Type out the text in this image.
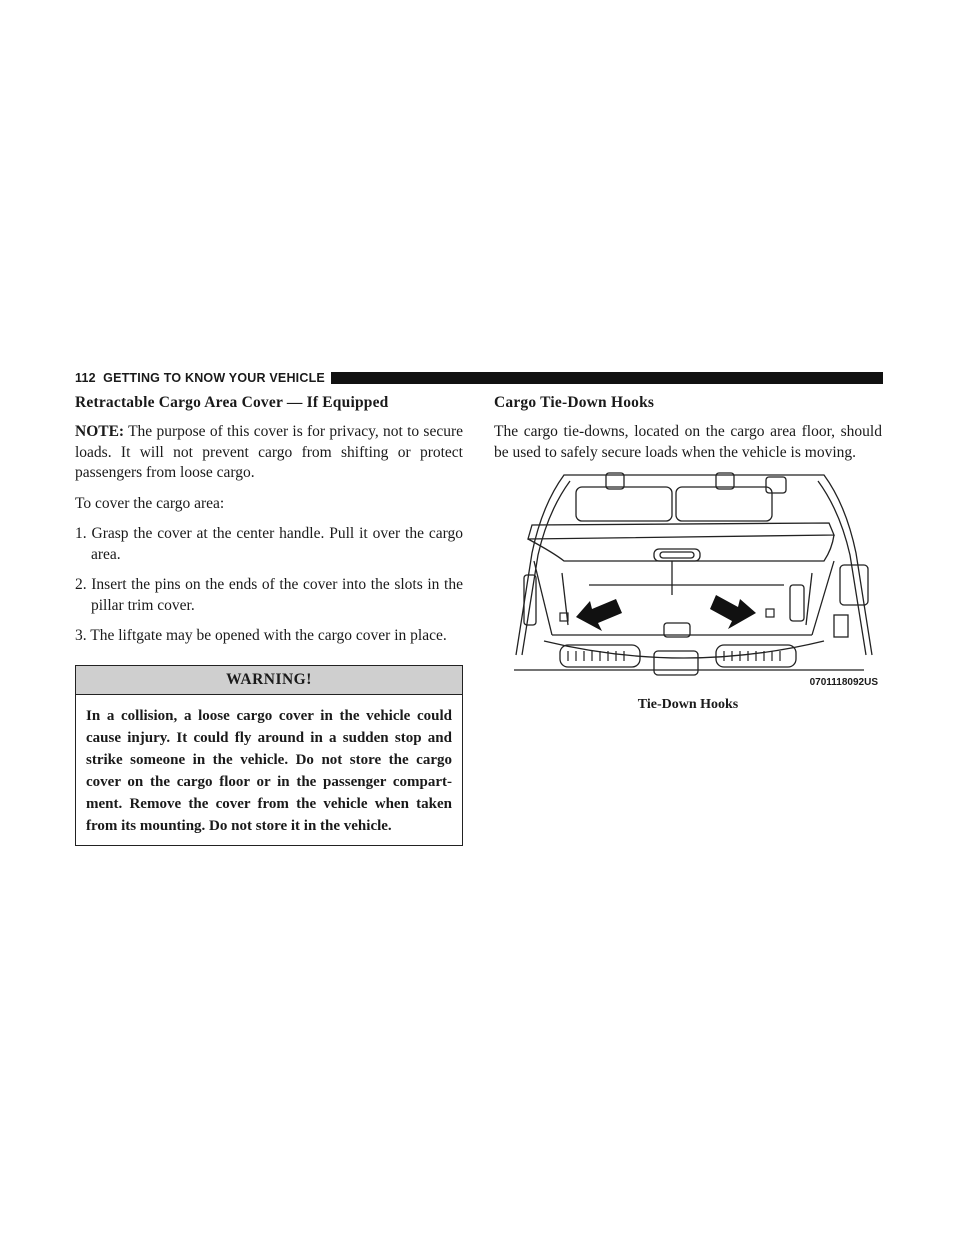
112 GETTING TO KNOW YOUR VEHICLE
Retractable Cargo Area Cover — If Equipped

NOTE: The purpose of this cover is for privacy, not to secure loads. It will not prevent cargo from shifting or protect passengers from loose cargo.

To cover the cargo area:

1. Grasp the cover at the center handle. Pull it over the cargo area.
2. Insert the pins on the ends of the cover into the slots in the pillar trim cover.
3. The liftgate may be opened with the cargo cover in place.
WARNING!
In a collision, a loose cargo cover in the vehicle could cause injury. It could fly around in a sudden stop and strike someone in the vehicle. Do not store the cargo cover on the cargo floor or in the passenger compart-ment. Remove the cover from the vehicle when taken from its mounting. Do not store it in the vehicle.
Cargo Tie-Down Hooks

The cargo tie-downs, located on the cargo area floor, should be used to safely secure loads when the vehicle is moving.

0701118092US
Tie-Down Hooks
